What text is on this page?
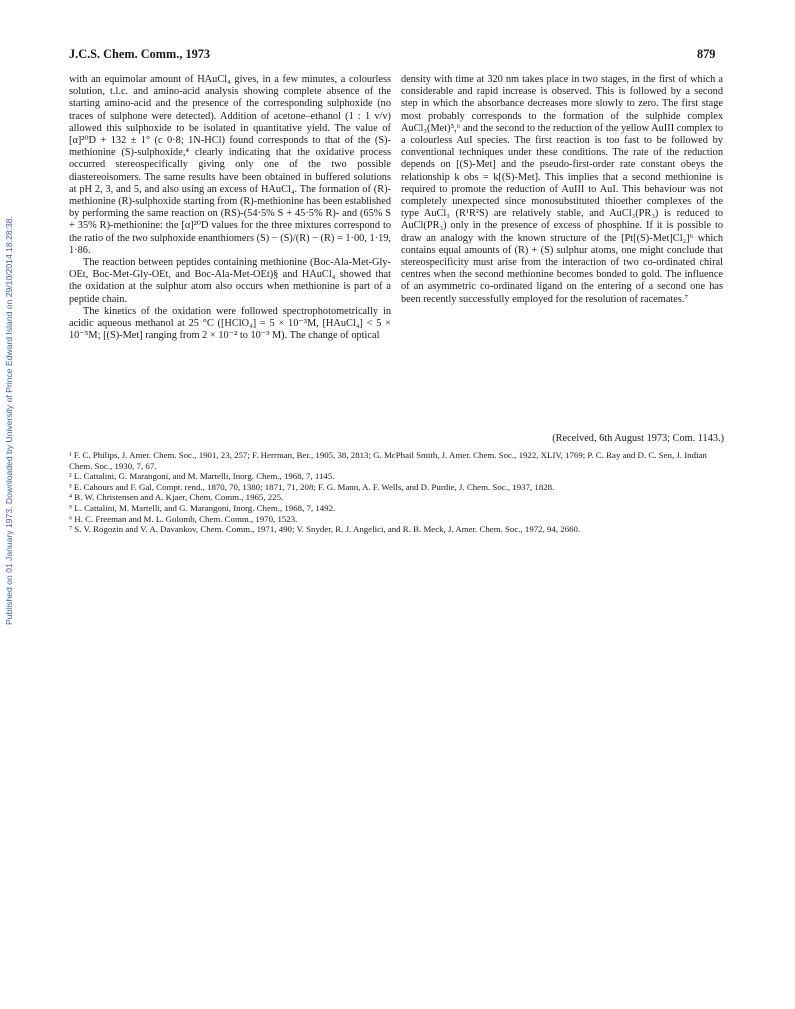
Published on 01 January 1973. Downloaded by University of Prince Edward Island on 29/10/2014 18:28:38.
J.C.S. Chem. Comm., 1973	879

with an equimolar amount of HAuCl₄ gives, in a few minutes, a colourless solution, t.l.c. and amino-acid analysis showing complete absence of the starting amino-acid and the presence of the corresponding sulphoxide (no traces of sulphone were detected). Addition of acetone–ethanol (1 : 1 v/v) allowed this sulphoxide to be isolated in quantitative yield. The value of [α]²⁰D + 132 ± 1° (c 0·8; 1N-HCl) found corresponds to that of the (S)-methionine (S)-sulphoxide,⁴ clearly indicating that the oxidative process occurred stereospecifically giving only one of the two possible diastereoisomers. The same results have been obtained in buffered solutions at pH 2, 3, and 5, and also using an excess of HAuCl₄. The formation of (R)-methionine (R)-sulphoxide starting from (R)-methionine has been established by performing the same reaction on (RS)-(54·5% S + 45·5% R)- and (65% S + 35% R)-methionine: the [α]²⁰D values for the three mixtures correspond to the ratio of the two sulphoxide enanthiomers (S) − (S)/(R) − (R) = 1·00, 1·19, 1·86.

The reaction between peptides containing methionine (Boc-Ala-Met-Gly-OEt, Boc-Met-Gly-OEt, and Boc-Ala-Met-OEt)§ and HAuCl₄ showed that the oxidation at the sulphur atom also occurs when methionine is part of a peptide chain.

The kinetics of the oxidation were followed spectrophotometrically in acidic aqueous methanol at 25 °C ([HClO₄] = 5 × 10⁻³M, [HAuCl₄] < 5 × 10⁻⁵M; [(S)-Met] ranging from 2 × 10⁻² to 10⁻³ M). The change of optical

density with time at 320 nm takes place in two stages, in the first of which a considerable and rapid increase is observed. This is followed by a second step in which the absorbance decreases more slowly to zero. The first stage most probably corresponds to the formation of the sulphide complex AuCl₃(Met)⁵,⁶ and the second to the reduction of the yellow AuIII complex to a colourless AuI species. The first reaction is too fast to be followed by conventional techniques under these conditions. The rate of the reduction depends on [(S)-Met] and the pseudo-first-order rate constant obeys the relationship k obs = k[(S)-Met]. This implies that a second methionine is required to promote the reduction of AuIII to AuI. This behaviour was not completely unexpected since monosubstituted thioether complexes of the type AuCl₃ (R¹R²S) are relatively stable, and AuCl₃(PR₃) is reduced to AuCl(PR₃) only in the presence of excess of phosphine. If it is possible to draw an analogy with the known structure of the [Pt[(S)-Met]Cl₂]⁶ which contains equal amounts of (R) + (S) sulphur atoms, one might conclude that stereospecificity must arise from the interaction of two co-ordinated chiral centres when the second methionine becomes bonded to gold. The influence of an asymmetric co-ordinated ligand on the entering of a second one has been recently successfully employed for the resolution of racemates.⁷

(Received, 6th August 1973; Com. 1143.)
¹ F. C. Philips, J. Amer. Chem. Soc., 1901, 23, 257; F. Herrman, Ber., 1905, 38, 2813; G. McPhail Smith, J. Amer. Chem. Soc., 1922, XLIV, 1769; P. C. Ray and D. C. Sen, J. Indian Chem. Soc., 1930, 7, 67.
² L. Cattalini, G. Marangoni, and M. Martelli, Inorg. Chem., 1968, 7, 1145.
³ E. Cahours and F. Gal, Compt. rend., 1870, 70, 1380; 1871, 71, 208; F. G. Mann, A. F. Wells, and D. Purdie, J. Chem. Soc., 1937, 1828.
⁴ B. W. Christensen and A. Kjaer, Chem. Comm., 1965, 225.
⁵ L. Cattalini, M. Martelli, and G. Marangoni, Inorg. Chem., 1968, 7, 1492.
⁶ H. C. Freeman and M. L. Golomb, Chem. Comm., 1970, 1523.
⁷ S. V. Rogozin and V. A. Davankov, Chem. Comm., 1971, 490; V. Snyder, R. J. Angelici, and R. B. Meck, J. Amer. Chem. Soc., 1972, 94, 2660.
